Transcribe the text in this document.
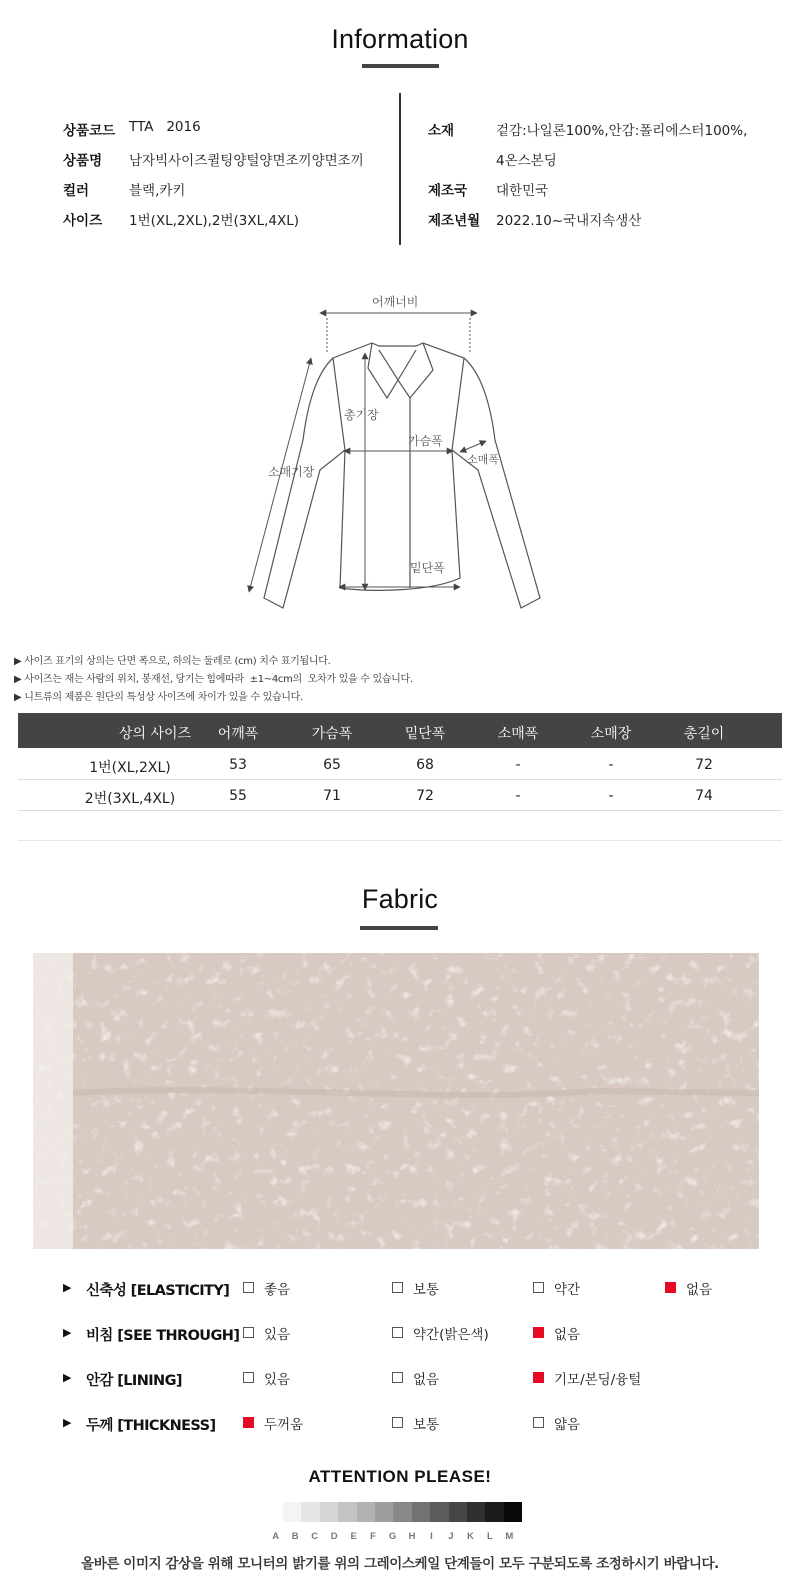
Information
상품코드 TTA   2016
상품명 남자빅사이즈퀼팅양털양면조끼양면조끼
컬러	블랙,카키
사이즈 1번(XL,2XL),2번(3XL,4XL)
소재	겉감:나일론100%,안감:폴리에스터100%,
4온스본딩
제조국 대한민국
제조년월 2022.10~국내지속생산
어깨너비
총기장
가슴폭
소매기장
소매폭
밑단폭
▶ 사이즈 표기의 상의는 단면 폭으로, 하의는 둘레로 (cm) 치수 표기됩니다.
▶ 사이즈는 재는 사람의 위치, 봉재선, 당기는 힘에따라  ±1~4cm의  오차가 있을 수 있습니다.
▶ 니트류의 제품은 원단의 특성상 사이즈에 차이가 있을 수 있습니다.
상의 사이즈	어깨폭	가슴폭	밑단폭	소매폭	소매장	총길이
1번(XL,2XL)	53	65	68	-	-	72
2번(3XL,4XL)	55	71	72	-	-	74
Fabric
▶ 신축성 [ELASTICITY]	좋음	보통	약간	없음
▶ 비침 [SEE THROUGH] 있음	약간(밝은색)	없음
▶ 안감 [LINING]	있음	없음	기모/본딩/융털
▶ 두께 [THICKNESS]	두꺼움	보통	얇음
ATTENTION PLEASE!
A	B	C	D	E	F	G	H	I	J	K	L	M
올바른 이미지 감상을 위해 모니터의 밝기를 위의 그레이스케일 단계들이 모두 구분되도록 조정하시기 바랍니다.
